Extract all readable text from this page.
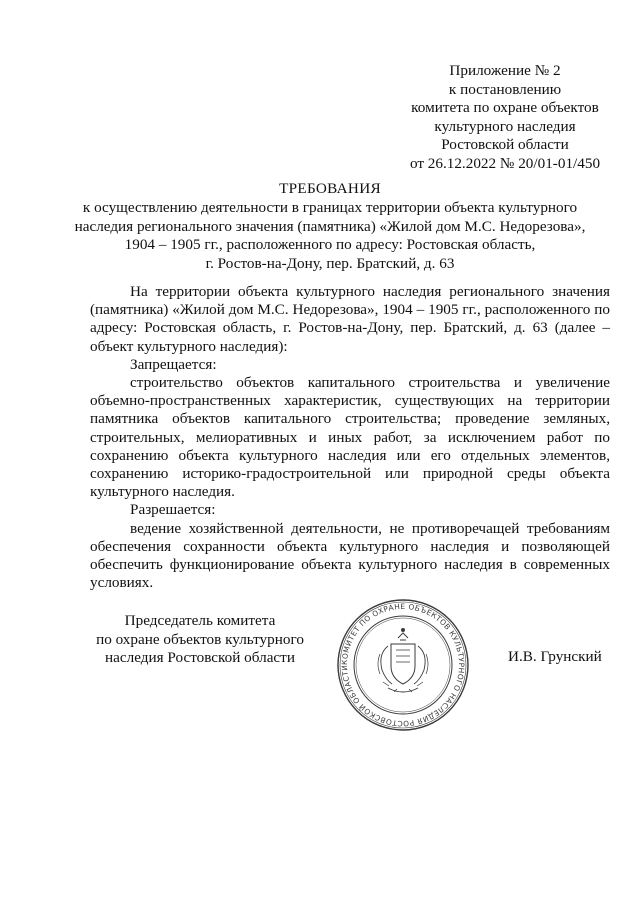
Приложение № 2
к постановлению
комитета по охране объектов
культурного наследия
Ростовской области
от 26.12.2022 № 20/01-01/450
ТРЕБОВАНИЯ
к осуществлению деятельности в границах территории объекта культурного
наследия регионального значения (памятника) «Жилой дом М.С. Недорезова»,
1904 – 1905 гг., расположенного по адресу: Ростовская область,
г. Ростов-на-Дону, пер. Братский, д. 63

На территории объекта культурного наследия регионального значения (памятника) «Жилой дом М.С. Недорезова», 1904 – 1905 гг., расположенного по адресу: Ростовская область, г. Ростов-на-Дону, пер. Братский, д. 63 (далее – объект культурного наследия):

Запрещается:

строительство объектов капитального строительства и увеличение объемно-пространственных характеристик, существующих на территории памятника объектов капитального строительства; проведение земляных, строительных, мелиоративных и иных работ, за исключением работ по сохранению объекта культурного наследия или его отдельных элементов, сохранению историко-градостроительной или природной среды объекта культурного наследия.

Разрешается:

ведение хозяйственной деятельности, не противоречащей требованиям обеспечения сохранности объекта культурного наследия и позволяющей обеспечить функционирование объекта культурного наследия в современных условиях.

Председатель комитета
по охране объектов культурного
наследия Ростовской области	И.В. Грунский
КОМИТЕТ ПО ОХРАНЕ ОБЪЕКТОВ КУЛЬТУРНОГО НАСЛЕДИЯ РОСТОВСКОЙ ОБЛАСТИ
